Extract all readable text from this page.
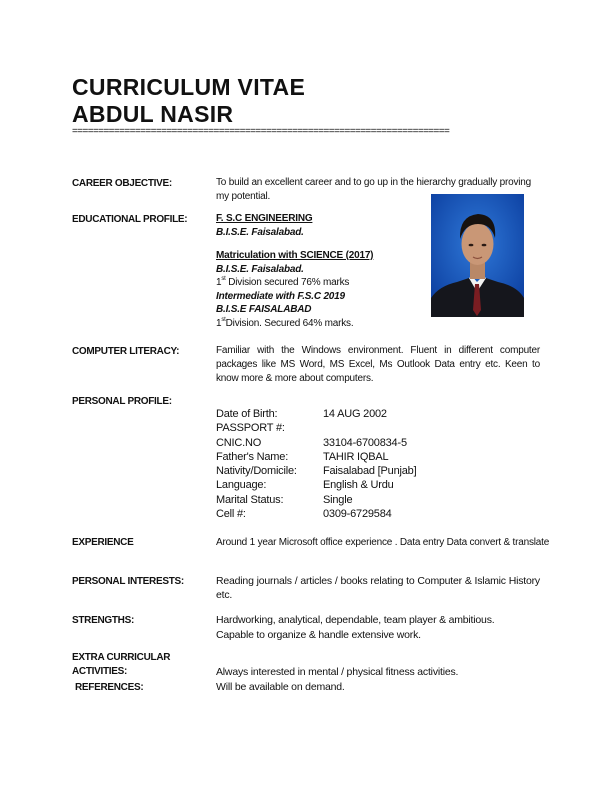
CURRICULUM VITAE
ABDUL NASIR
========================================================================
CAREER OBJECTIVE:	To build an excellent career and to go up in the hierarchy gradually proving my potential.
EDUCATIONAL PROFILE:	F. S.C ENGINEERING
B.I.S.E. Faisalabad.
Matriculation with SCIENCE (2017)
B.I.S.E. Faisalabad.
1st Division secured 76% marks
Intermediate with F.S.C 2019
B.I.S.E FAISALABAD
1stDivision. Secured 64% marks.
COMPUTER LITERACY:	Familiar with the Windows environment. Fluent in different computer packages like MS Word, MS Excel, Ms Outlook Data entry etc. Keen to know more & more about computers.
PERSONAL PROFILE:
Date of Birth:	14 AUG 2002
PASSPORT #:
CNIC.NO	33104-6700834-5
Father's Name:	TAHIR IQBAL
Nativity/Domicile: Faisalabad [Punjab]
Language:	English & Urdu
Marital Status:	Single
Cell #:	0309-6729584
EXPERIENCE	Around 1 year Microsoft office experience . Data entry Data convert & translate
PERSONAL INTERESTS:	Reading journals / articles / books relating to Computer & Islamic History etc.
STRENGTHS:	Hardworking, analytical, dependable, team player & ambitious.
Capable to organize & handle extensive work.
EXTRA CURRICULAR
ACTIVITIES:	Always interested in mental / physical fitness activities.
REFERENCES:	Will be available on demand.
